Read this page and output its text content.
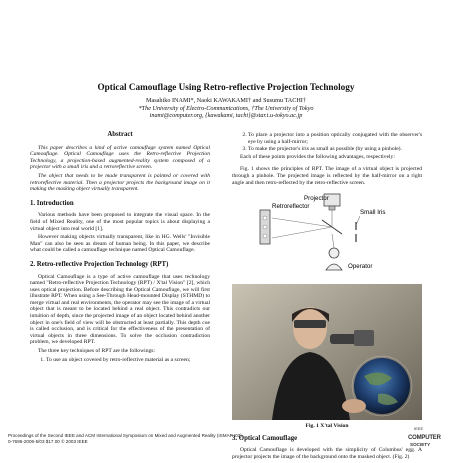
Optical Camouflage Using Retro-reflective Projection Technology
Masahiko INAMI*, Naoki KAWAKAMI† and Susumu TACHI†
*The University of Electro-Communications, †The University of Tokyo
inami@computer.org, {kawakami, tachi}@star.t.u-tokyo.ac.jp
Abstract

This paper describes a kind of active camouflage system named Optical Camouflage. Optical Camouflage uses the Retro-reflective Projection Technology, a projection-based augmented-reality system composed of a projector with a small iris and a retroreflective screen.

The object that needs to be made transparent is painted or covered with retroreflective material. Then a projector projects the background image on it making the masking object virtually transparent.

1. Introduction

Various methods have been proposed to integrate the visual space. In the field of Mixed Reality, one of the most popular topics is about displaying a virtual object into real world [1].

However making objects virtually transparent, like in HG. Wells' "Invisible Man" can also be seen as dream of human being. In this paper, we describe what could be called a camouflage technique named Optical Camouflage.

2. Retro-reflective Projection Technology (RPT)

Optical Camouflage is a type of active camouflage that uses technology named "Retro-reflective Projection Technology (RPT) / X'tal Vision" [2], which uses optical projection. Before describing the Optical Camouflage, we will first illustrate RPT. When using a See-Through Head-mounted Display (STHMD) to merge virtual and real environments, the operator may see the image of a virtual object that is meant to be located behind a real object. This contradicts our intuition of depth, since the projected image of an object located behind another object in one's field of view will be obstructed at least partially. This depth cue is called occlusion, and is critical for the effectiveness of the presentation of virtual objects in three dimensions. To solve the occlusion contradiction problem, we developed RPT.

The three key techniques of RPT are the followings:

1. To use an object covered by retro-reflective material as a screen;
2. To place a projector into a position optically conjugated with the observer's eye by using a half-mirror;
3. To make the projector's iris as small as possible (by using a pinhole).

Each of these points provides the following advantages, respectively:

Fig. 1 shows the principles of RPT. The image of a virtual object is projected through a pinhole. The projected image is reflected by the half-mirror on a right angle and then retro-reflected by the retro-reflective screen.

Projector
Retroreflector
Small Iris
Operator
Fig. 1 X'tal Vision
3. Optical Camouflage

Optical Camouflage is developed with the simplicity of Columbus' egg. A projector projects the image of the background onto the masked object. (Fig. 2)

Proceedings of the Second IEEE and ACM International Symposium on Mixed and Augmented Reality (ISMAR '03)
0-7695-2006-5/03 $17.00 © 2003 IEEE
IEEE
COMPUTER
SOCIETY
